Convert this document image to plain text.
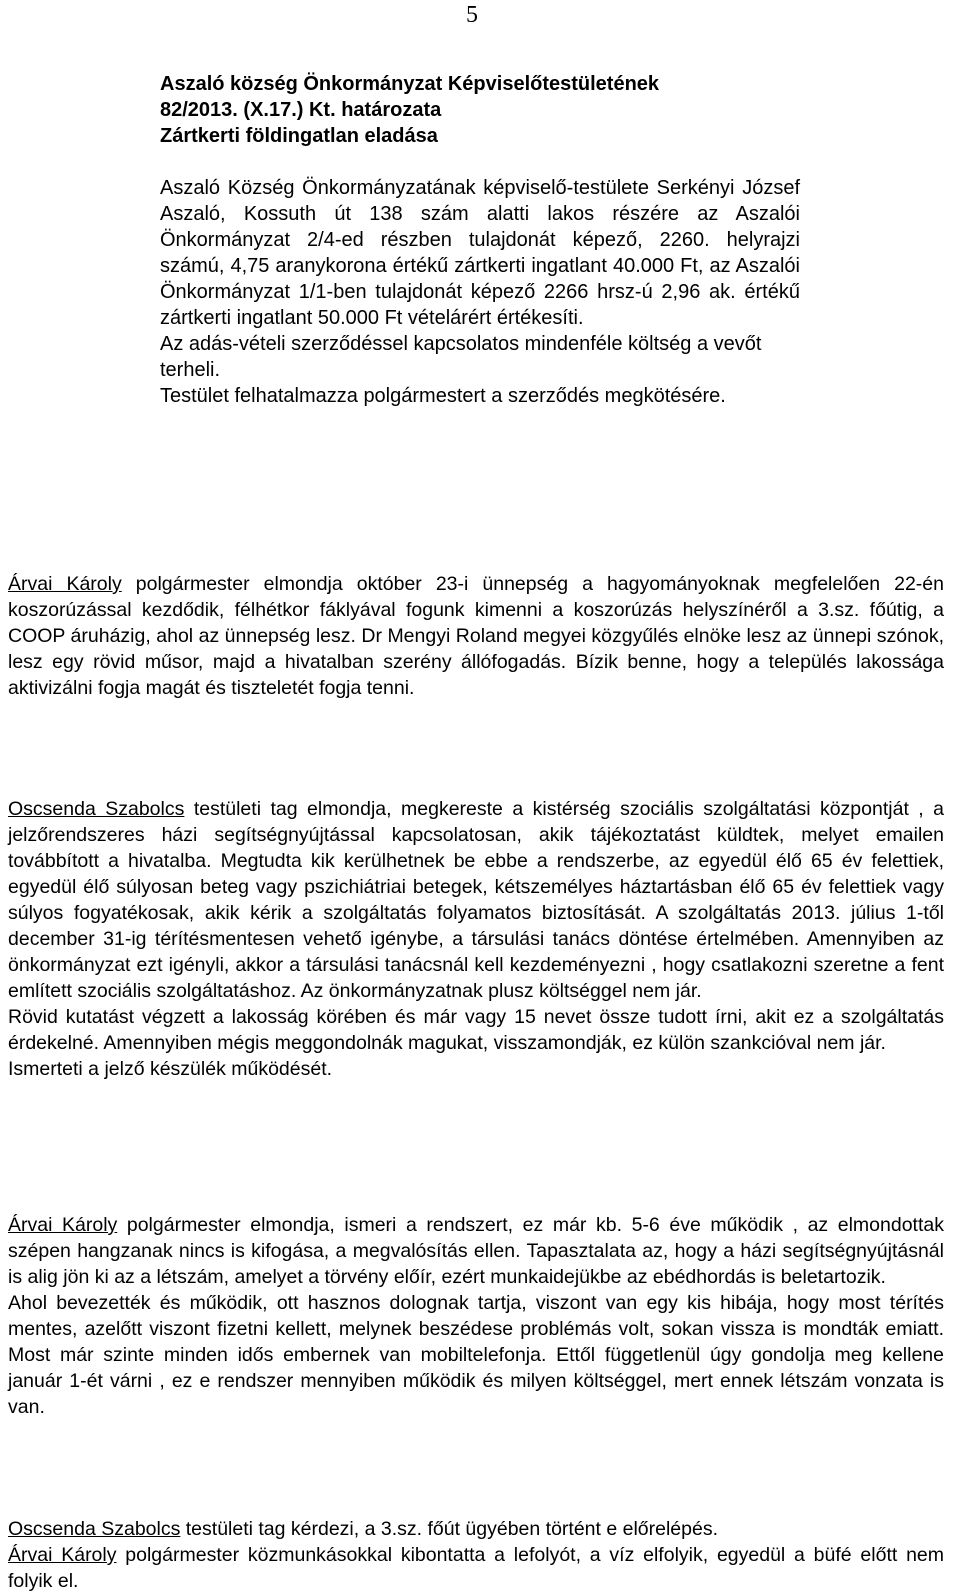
5
Aszaló község Önkormányzat Képviselőtestületének
82/2013. (X.17.) Kt. határozata
Zártkerti földingatlan eladása

Aszaló Község Önkormányzatának képviselő-testülete Serkényi József Aszaló, Kossuth út 138 szám alatti lakos részére az Aszalói Önkormányzat 2/4-ed részben tulajdonát képező, 2260. helyrajzi számú, 4,75 aranykorona értékű zártkerti ingatlant 40.000 Ft, az Aszalói Önkormányzat 1/1-ben tulajdonát képező 2266 hrsz-ú 2,96 ak. értékű zártkerti ingatlant 50.000 Ft vételárért értékesíti.

Az adás-vételi szerződéssel kapcsolatos mindenféle költség a vevőt terheli.

Testület felhatalmazza polgármestert a szerződés megkötésére.

Árvai Károly polgármester elmondja október 23-i ünnepség a hagyományoknak megfelelően 22-én koszorúzással kezdődik, félhétkor fáklyával fogunk kimenni a koszorúzás helyszínéről a 3.sz. főútig, a COOP áruházig, ahol az ünnepség lesz. Dr Mengyi Roland megyei közgyűlés elnöke lesz az ünnepi szónok, lesz egy rövid műsor, majd a hivatalban szerény állófogadás. Bízik benne, hogy a település lakossága aktivizálni fogja magát és tiszteletét fogja tenni.

Oscsenda Szabolcs testületi tag elmondja, megkereste a kistérség szociális szolgáltatási központját , a jelzőrendszeres házi segítségnyújtással kapcsolatosan, akik tájékoztatást küldtek, melyet emailen továbbított a hivatalba. Megtudta kik kerülhetnek be ebbe a rendszerbe, az egyedül élő 65 év felettiek, egyedül élő súlyosan beteg vagy pszichiátriai betegek, kétszemélyes háztartásban élő 65 év felettiek vagy súlyos fogyatékosak, akik kérik a szolgáltatás folyamatos biztosítását. A szolgáltatás 2013. július 1-től december 31-ig térítésmentesen vehető igénybe, a társulási tanács döntése értelmében. Amennyiben az önkormányzat ezt igényli, akkor a társulási tanácsnál kell kezdeményezni , hogy csatlakozni szeretne a fent említett szociális szolgáltatáshoz. Az önkormányzatnak plusz költséggel nem jár.

Rövid kutatást végzett a lakosság körében és már vagy 15 nevet össze tudott írni, akit ez a szolgáltatás érdekelné. Amennyiben mégis meggondolnák magukat, visszamondják, ez külön szankcióval nem jár.

Ismerteti a jelző készülék működését.

Árvai Károly polgármester elmondja, ismeri a rendszert, ez már kb. 5-6 éve működik , az elmondottak szépen hangzanak nincs is kifogása, a megvalósítás ellen. Tapasztalata az, hogy a házi segítségnyújtásnál is alig jön ki az a létszám, amelyet a törvény előír, ezért munkaidejükbe az ebédhordás is beletartozik.

Ahol bevezették és működik, ott hasznos dolognak tartja, viszont van egy kis hibája, hogy most térítés mentes, azelőtt viszont fizetni kellett, melynek beszédese problémás volt, sokan vissza is mondták emiatt. Most már szinte minden idős embernek van mobiltelefonja. Ettől függetlenül úgy gondolja meg kellene január 1-ét várni , ez e rendszer mennyiben működik és milyen költséggel, mert ennek létszám vonzata is van.

Oscsenda Szabolcs testületi tag kérdezi, a 3.sz. főút ügyében történt e előrelépés.

Árvai Károly polgármester közmunkásokkal kibontatta a lefolyót, a víz elfolyik, egyedül a büfé előtt nem folyik el.
